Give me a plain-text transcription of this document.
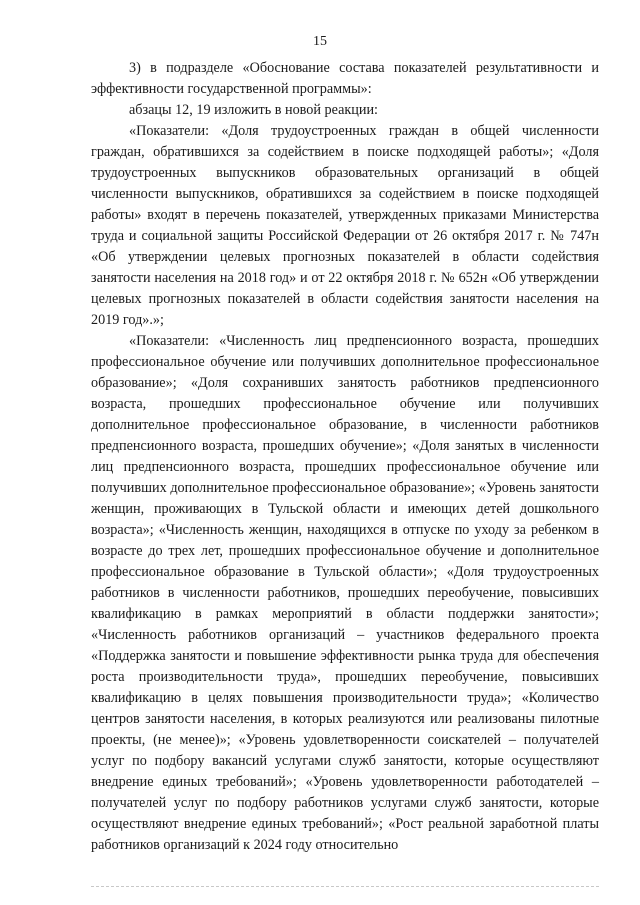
15

3) в подразделе «Обоснование состава показателей результативности и эффективности государственной программы»:

абзацы 12, 19 изложить в новой реакции:

«Показатели: «Доля трудоустроенных граждан в общей численности граждан, обратившихся за содействием в поиске подходящей работы»; «Доля трудоустроенных выпускников образовательных организаций в общей численности выпускников, обратившихся за содействием в поиске подходящей работы» входят в перечень показателей, утвержденных приказами Министерства труда и социальной защиты Российской Федерации от 26 октября 2017 г. № 747н «Об утверждении целевых прогнозных показателей в области содействия занятости населения на 2018 год» и от 22 октября 2018 г. № 652н «Об утверждении целевых прогнозных показателей в области содействия занятости населения на 2019 год».»;

«Показатели: «Численность лиц предпенсионного возраста, прошедших профессиональное обучение или получивших дополнительное профессиональное образование»; «Доля сохранивших занятость работников предпенсионного возраста, прошедших профессиональное обучение или получивших дополнительное профессиональное образование, в численности работников предпенсионного возраста, прошедших обучение»; «Доля занятых в численности лиц предпенсионного возраста, прошедших профессиональное обучение или получивших дополнительное профессиональное образование»; «Уровень занятости женщин, проживающих в Тульской области и имеющих детей дошкольного возраста»; «Численность женщин, находящихся в отпуске по уходу за ребенком в возрасте до трех лет, прошедших профессиональное обучение и дополнительное профессиональное образование в Тульской области»; «Доля трудоустроенных работников в численности работников, прошедших переобучение, повысивших квалификацию в рамках мероприятий в области поддержки занятости»; «Численность работников организаций – участников федерального проекта «Поддержка занятости и повышение эффективности рынка труда для обеспечения роста производительности труда», прошедших переобучение, повысивших квалификацию в целях повышения производительности труда»; «Количество центров занятости населения, в которых реализуются или реализованы пилотные проекты, (не менее)»; «Уровень удовлетворенности соискателей – получателей услуг по подбору вакансий услугами служб занятости, которые осуществляют внедрение единых требований»; «Уровень удовлетворенности работодателей – получателей услуг по подбору работников услугами служб занятости, которые осуществляют внедрение единых требований»; «Рост реальной заработной платы работников организаций к 2024 году относительно
